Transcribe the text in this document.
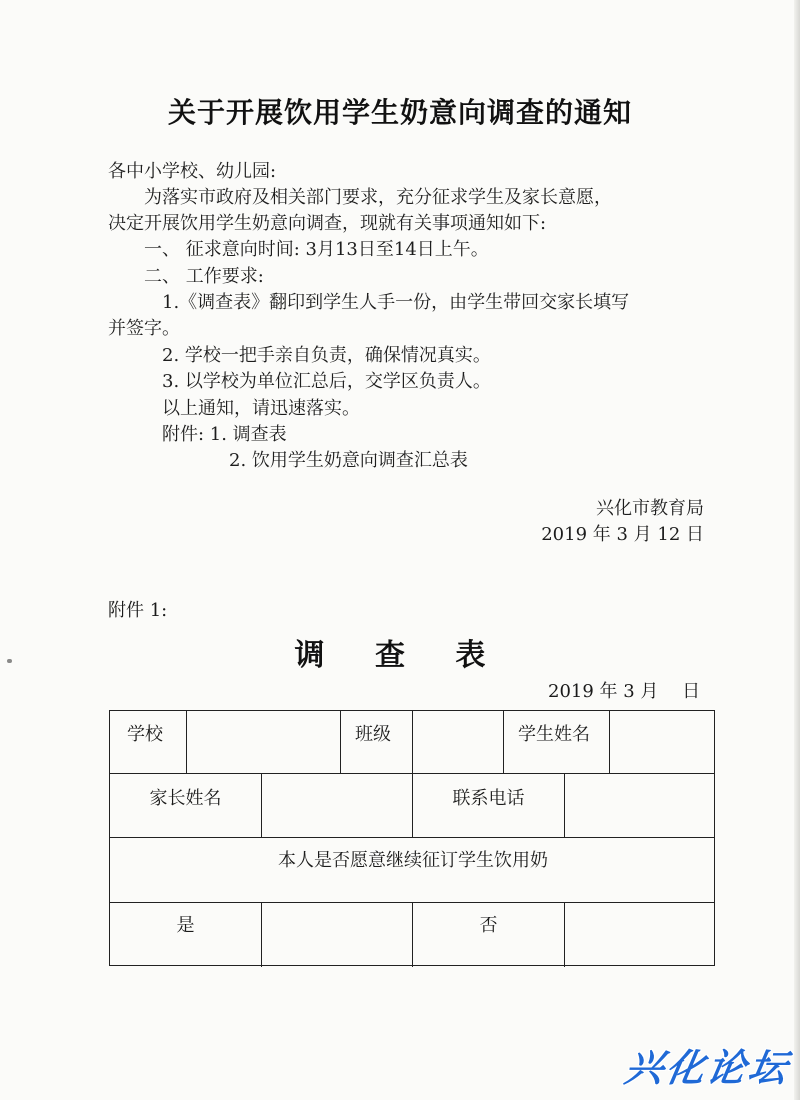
关于开展饮用学生奶意向调查的通知
各中小学校、幼儿园:
为落实市政府及相关部门要求，充分征求学生及家长意愿，
决定开展饮用学生奶意向调查，现就有关事项通知如下:
一、 征求意向时间: 3月13日至14日上午。
二、 工作要求:
1.《调查表》翻印到学生人手一份，由学生带回交家长填写
并签字。
2. 学校一把手亲自负责，确保情况真实。
3. 以学校为单位汇总后，交学区负责人。
以上通知，请迅速落实。
附件: 1. 调查表
2. 饮用学生奶意向调查汇总表
兴化市教育局
2019 年 3 月 12 日
附件 1:
调 查 表
2019 年 3 月　 日
学校	班级	学生姓名
家长姓名	联系电话
本人是否愿意继续征订学生饮用奶
是	否
兴化论坛
